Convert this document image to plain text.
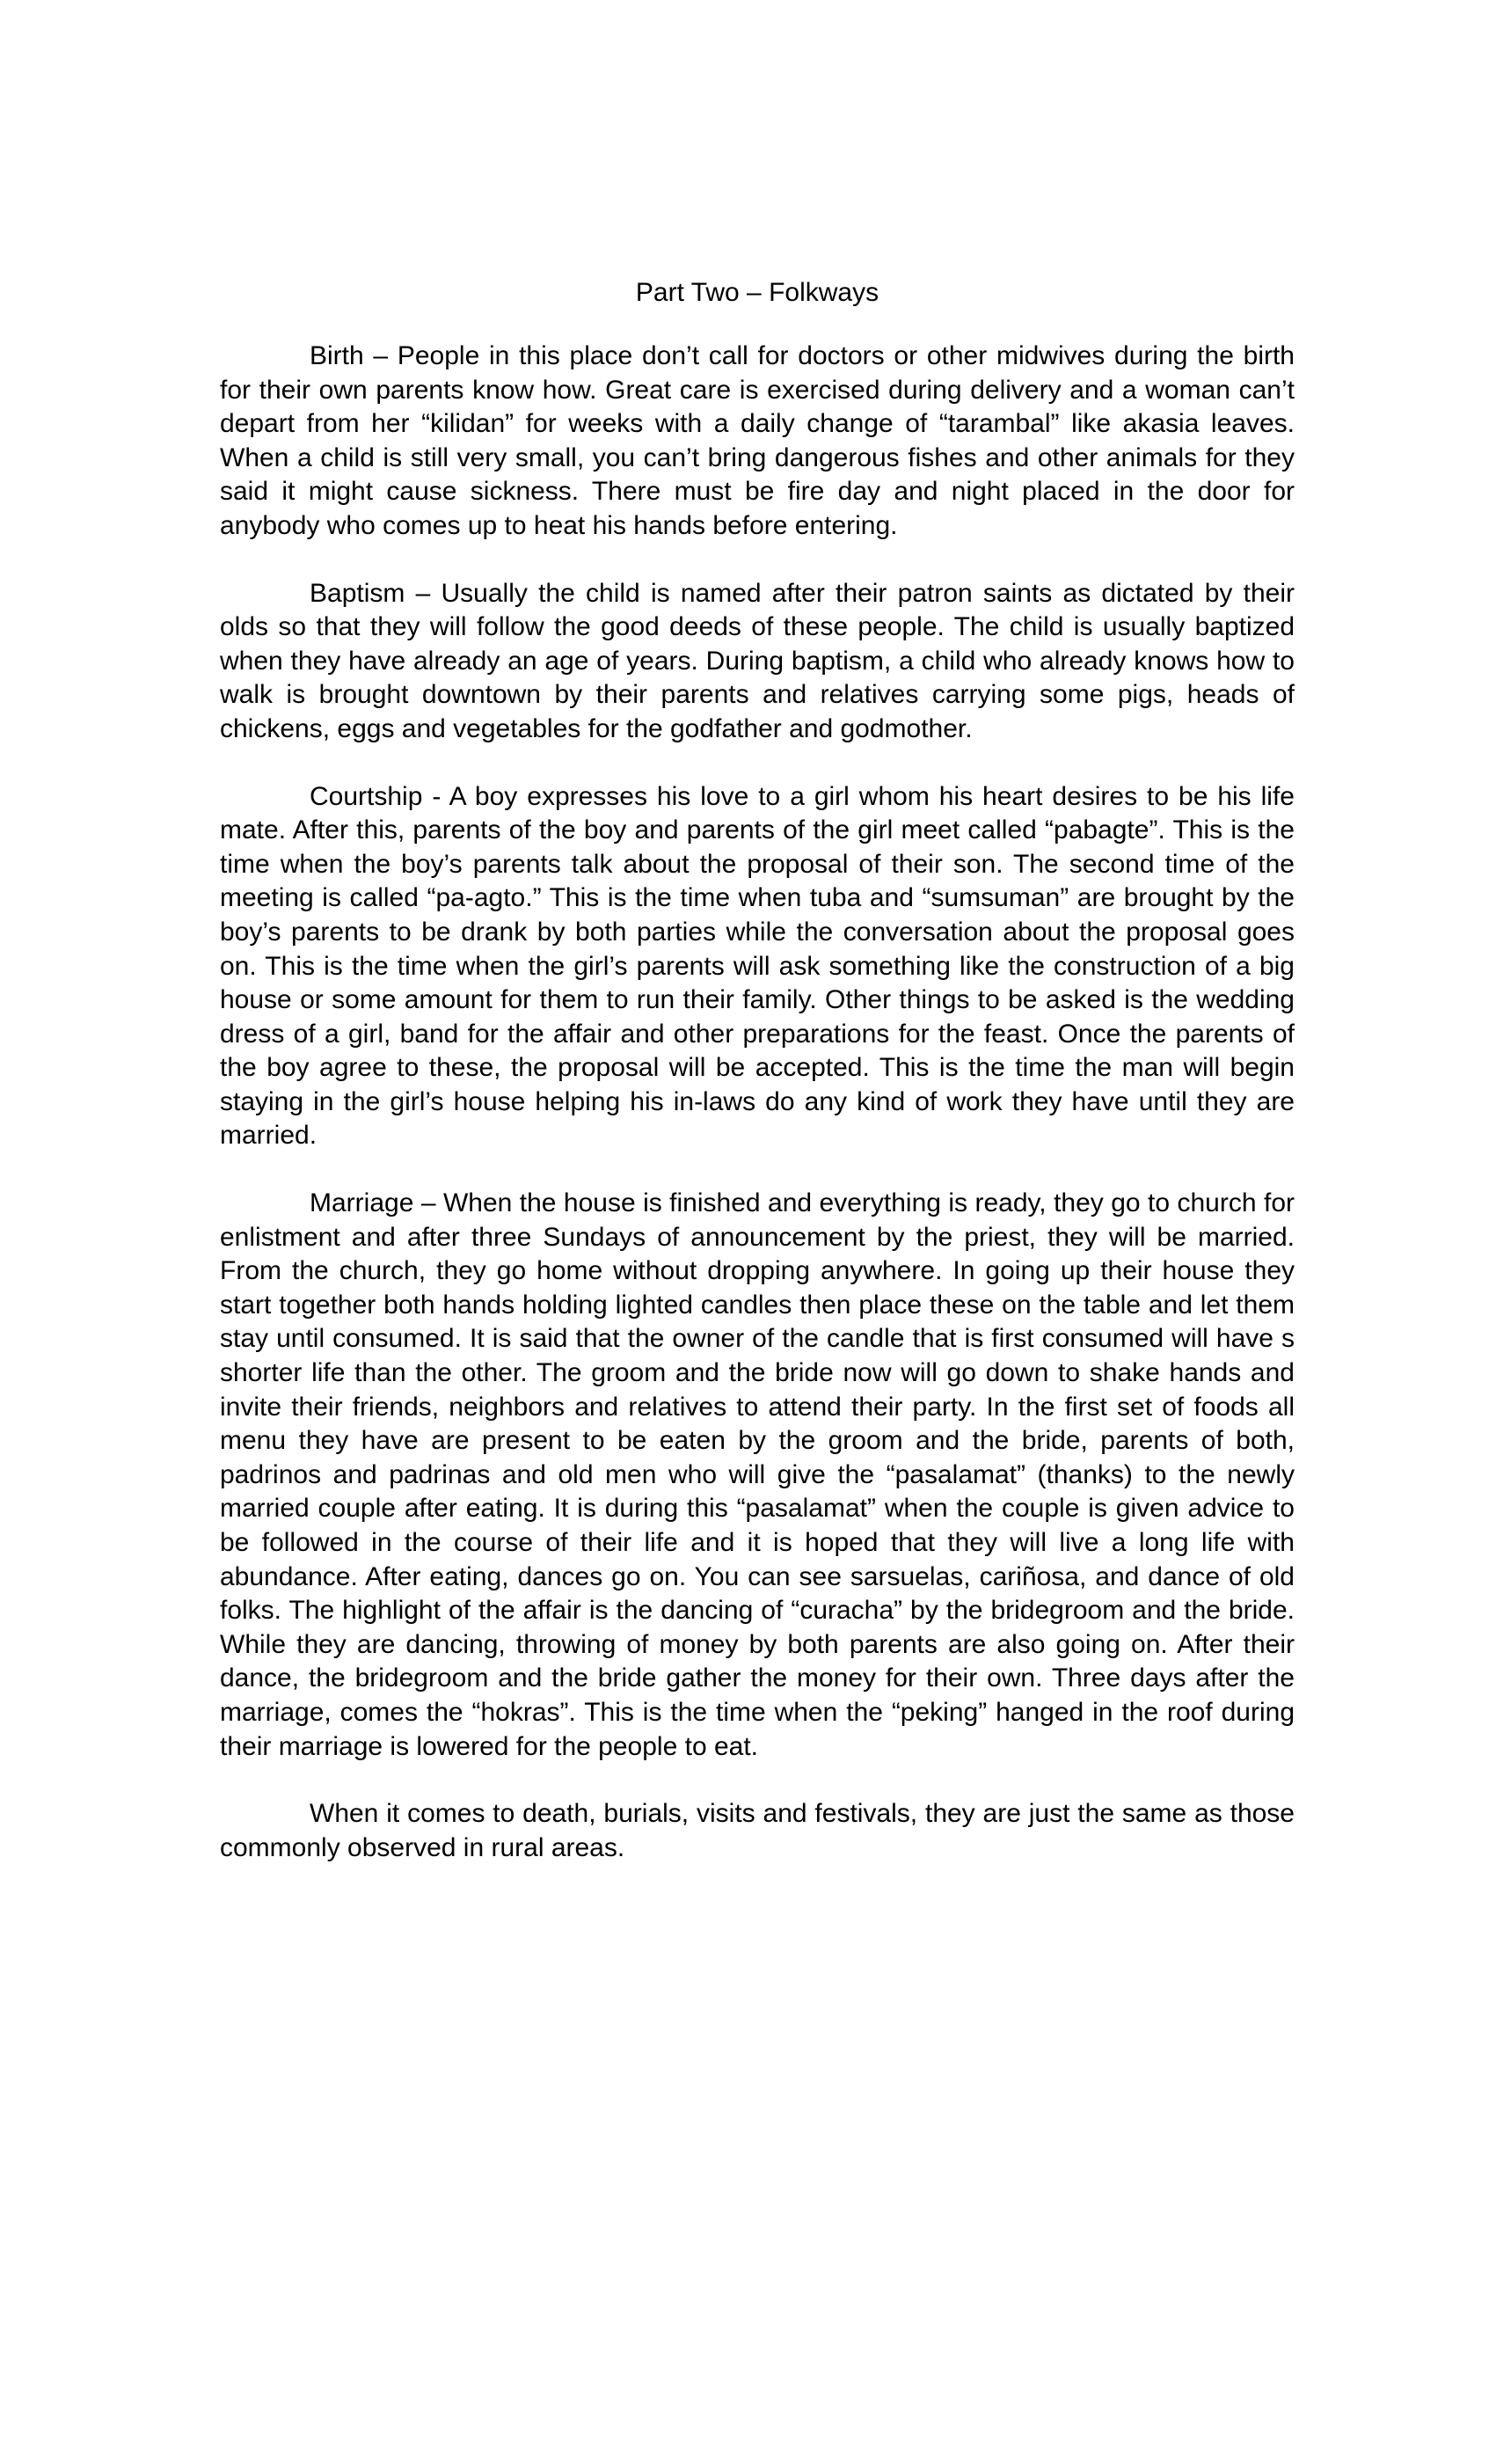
Part Two – Folkways

Birth – People in this place don’t call for doctors or other midwives during the birth for their own parents know how. Great care is exercised during delivery and a woman can’t depart from her “kilidan” for weeks with a daily change of “tarambal” like akasia leaves. When a child is still very small, you can’t bring dangerous fishes and other animals for they said it might cause sickness. There must be fire day and night placed in the door for anybody who comes up to heat his hands before entering.

Baptism – Usually the child is named after their patron saints as dictated by their olds so that they will follow the good deeds of these people. The child is usually baptized when they have already an age of years. During baptism, a child who already knows how to walk is brought downtown by their parents and relatives carrying some pigs, heads of chickens, eggs and vegetables for the godfather and godmother.

Courtship - A boy expresses his love to a girl whom his heart desires to be his life mate. After this, parents of the boy and parents of the girl meet called “pabagte”. This is the time when the boy’s parents talk about the proposal of their son. The second time of the meeting is called “pa-agto.” This is the time when tuba and “sumsuman” are brought by the boy’s parents to be drank by both parties while the conversation about the proposal goes on. This is the time when the girl’s parents will ask something like the construction of a big house or some amount for them to run their family. Other things to be asked is the wedding dress of a girl, band for the affair and other preparations for the feast. Once the parents of the boy agree to these, the proposal will be accepted. This is the time the man will begin staying in the girl’s house helping his in-laws do any kind of work they have until they are married.

Marriage – When the house is finished and everything is ready, they go to church for enlistment and after three Sundays of announcement by the priest, they will be married. From the church, they go home without dropping anywhere. In going up their house they start together both hands holding lighted candles then place these on the table and let them stay until consumed. It is said that the owner of the candle that is first consumed will have s shorter life than the other. The groom and the bride now will go down to shake hands and invite their friends, neighbors and relatives to attend their party. In the first set of foods all menu they have are present to be eaten by the groom and the bride, parents of both, padrinos and padrinas and old men who will give the “pasalamat” (thanks) to the newly married couple after eating. It is during this “pasalamat” when the couple is given advice to be followed in the course of their life and it is hoped that they will live a long life with abundance. After eating, dances go on. You can see sarsuelas, cariñosa, and dance of old folks. The highlight of the affair is the dancing of “curacha” by the bridegroom and the bride. While they are dancing, throwing of money by both parents are also going on. After their dance, the bridegroom and the bride gather the money for their own. Three days after the marriage, comes the “hokras”. This is the time when the “peking” hanged in the roof during their marriage is lowered for the people to eat.

When it comes to death, burials, visits and festivals, they are just the same as those commonly observed in rural areas.
